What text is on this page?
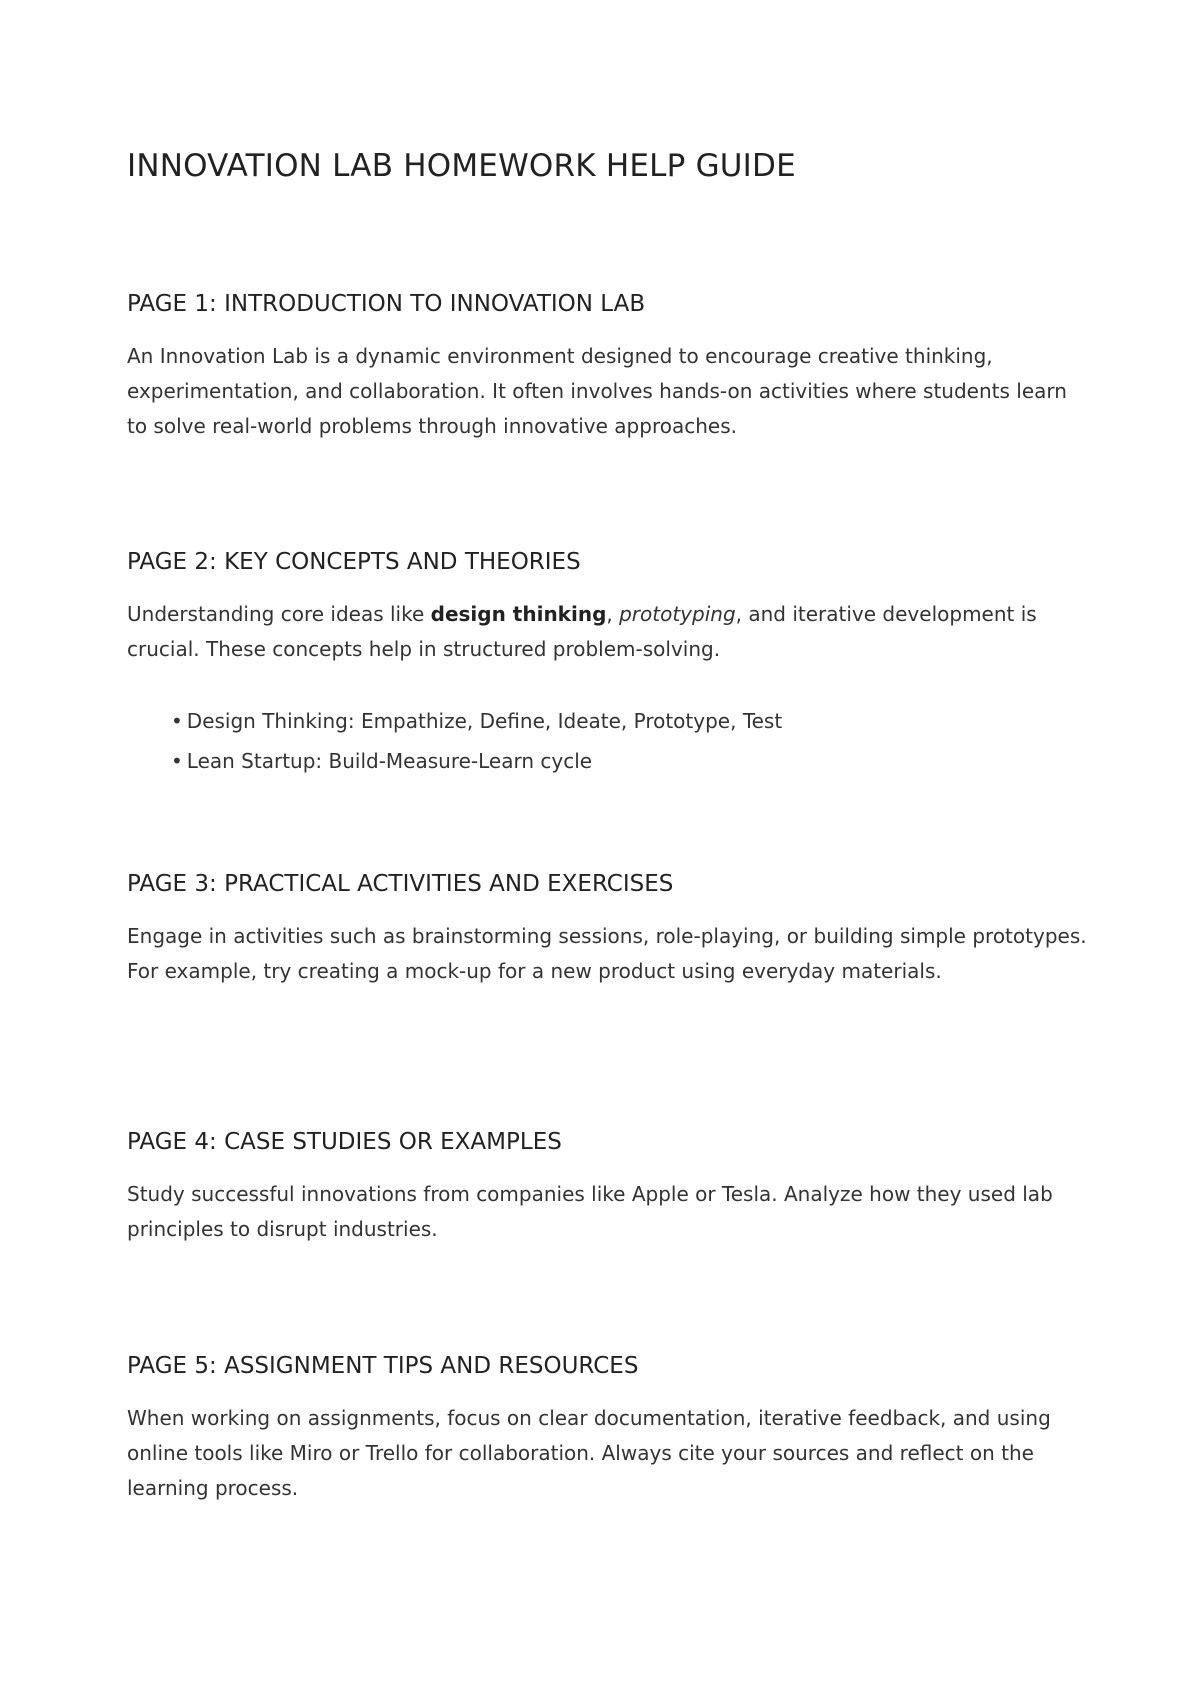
INNOVATION LAB HOMEWORK HELP GUIDE
PAGE 1: INTRODUCTION TO INNOVATION LAB

An Innovation Lab is a dynamic environment designed to encourage creative thinking, experimentation, and collaboration. It often involves hands-on activities where students learn to solve real-world problems through innovative approaches.

PAGE 2: KEY CONCEPTS AND THEORIES

Understanding core ideas like design thinking, prototyping, and iterative development is crucial. These concepts help in structured problem-solving.

• Design Thinking: Empathize, Define, Ideate, Prototype, Test
• Lean Startup: Build-Measure-Learn cycle
PAGE 3: PRACTICAL ACTIVITIES AND EXERCISES

Engage in activities such as brainstorming sessions, role-playing, or building simple prototypes. For example, try creating a mock-up for a new product using everyday materials.

PAGE 4: CASE STUDIES OR EXAMPLES

Study successful innovations from companies like Apple or Tesla. Analyze how they used lab principles to disrupt industries.

PAGE 5: ASSIGNMENT TIPS AND RESOURCES

When working on assignments, focus on clear documentation, iterative feedback, and using online tools like Miro or Trello for collaboration. Always cite your sources and reflect on the learning process.
